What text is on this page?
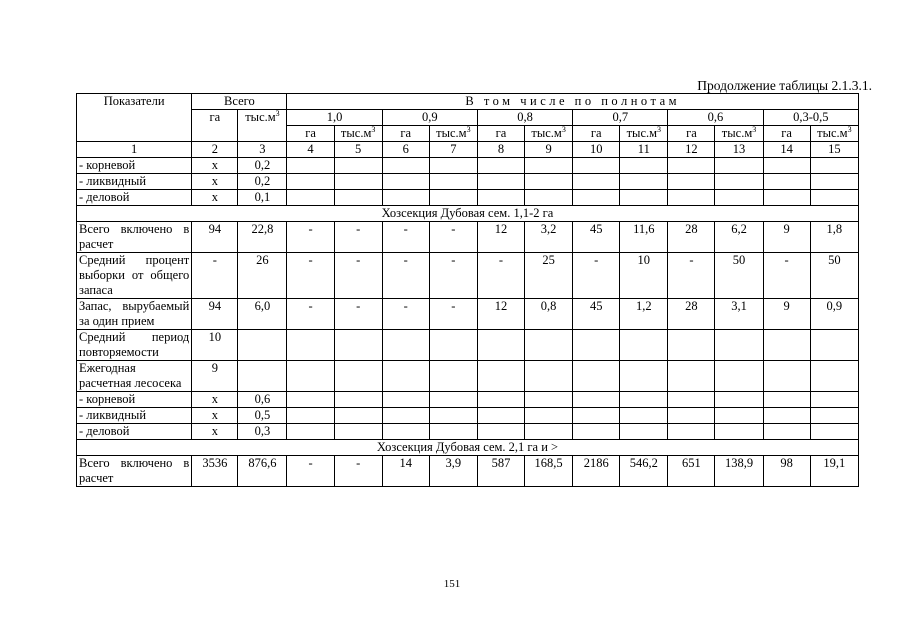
Продолжение таблицы 2.1.3.1.
Показатели	Всего		В том числе по полнотам											
	га	$тыс.м^3$	1,0		0,9		0,8		0,7		0,6		0,3-0,5	
			га	$тыс.м^3$	га	$тыс.м^3$	га	$тыс.м^3$	га	$тыс.м^3$	га	$тыс.м^3$	га	$тыс.м^3$
1	2	3	4	5	6	7	8	9	10	11	12	13	14	15
- корневой	x	0,2												
- ликвидный	x	0,2												
- деловой	x	0,1												
Хозсекция Дубовая сем. 1,1-2 га														
Всего включено в расчет	94	22,8	-	-	-	-	12	3,2	45	11,6	28	6,2	9	1,8
Средний процент выборки от общего запаса	-	26	-	-	-	-	-	25	-	10	-	50	-	50
Запас, вырубаемый за один прием	94	6,0	-	-	-	-	12	0,8	45	1,2	28	3,1	9	0,9
Средний период повторяемости	10													
Ежегодная расчетная лесосека	9													
- корневой	x	0,6												
- ликвидный	x	0,5												
- деловой	x	0,3												
Хозсекция Дубовая сем. 2,1 га и >														
Всего включено в расчет	3536	876,6	-	-	14	3,9	587	168,5	2186	546,2	651	138,9	98	19,1
151
